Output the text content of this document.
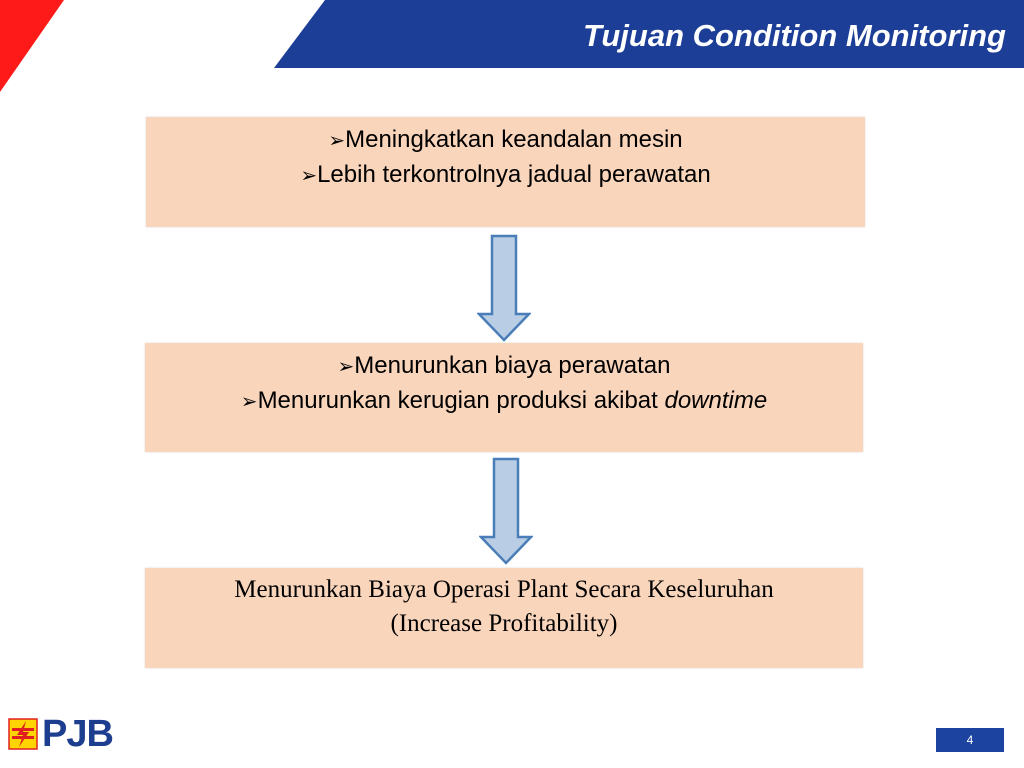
Tujuan Condition Monitoring
➢Meningkatkan keandalan mesin
➢Lebih terkontrolnya jadual perawatan
➢Menurunkan biaya perawatan
➢Menurunkan kerugian produksi akibat downtime
Menurunkan Biaya Operasi Plant Secara Keseluruhan
(Increase Profitability)
PJB	4
